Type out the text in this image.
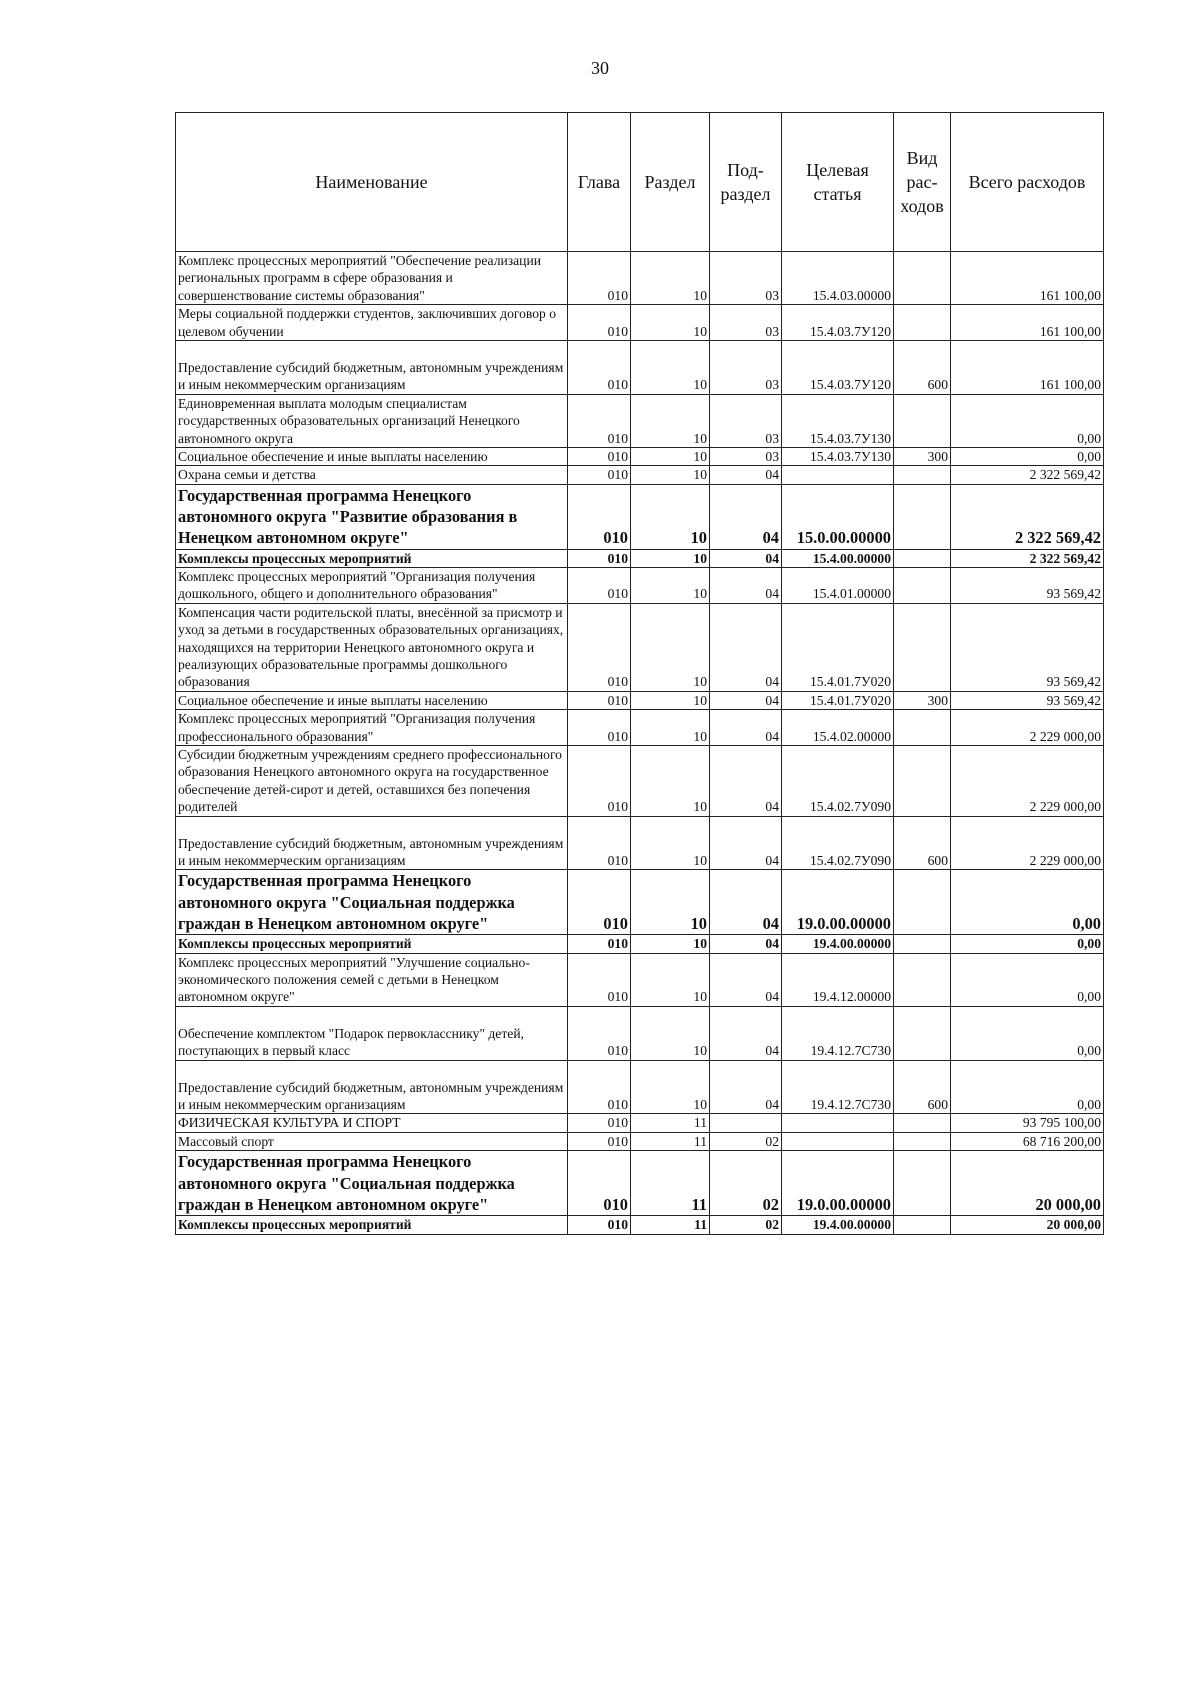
30
Наименование	Глава	Раздел	Под-раздел	Целевая статья	Вид рас-ходов	Всего расходов
Комплекс процессных мероприятий "Обеспечение реализации региональных программ в сфере образования и совершенствование системы образования"	010	10	03	15.4.03.00000		161 100,00
Меры социальной поддержки студентов, заключивших договор о целевом обучении	010	10	03	15.4.03.7У120		161 100,00
Предоставление субсидий бюджетным, автономным учреждениям и иным некоммерческим организациям	010	10	03	15.4.03.7У120	600	161 100,00
Единовременная выплата молодым специалистам государственных образовательных организаций Ненецкого автономного округа	010	10	03	15.4.03.7У130		0,00
Социальное обеспечение и иные выплаты населению	010	10	03	15.4.03.7У130	300	0,00
Охрана семьи и детства	010	10	04			2 322 569,42
Государственная программа Ненецкого автономного округа "Развитие образования в Ненецком автономном округе"	010	10	04	15.0.00.00000		2 322 569,42
Комплексы процессных мероприятий	010	10	04	15.4.00.00000		2 322 569,42
Комплекс процессных мероприятий "Организация получения дошкольного, общего и дополнительного образования"	010	10	04	15.4.01.00000		93 569,42
Компенсация части родительской платы, внесённой за присмотр и уход за детьми в государственных образовательных организациях, находящихся на территории Ненецкого автономного округа и реализующих образовательные программы дошкольного образования	010	10	04	15.4.01.7У020		93 569,42
Социальное обеспечение и иные выплаты населению	010	10	04	15.4.01.7У020	300	93 569,42
Комплекс процессных мероприятий "Организация получения профессионального образования"	010	10	04	15.4.02.00000		2 229 000,00
Субсидии бюджетным учреждениям среднего профессионального образования Ненецкого автономного округа на государственное обеспечение детей-сирот и детей, оставшихся без попечения родителей	010	10	04	15.4.02.7У090		2 229 000,00
Предоставление субсидий бюджетным, автономным учреждениям и иным некоммерческим организациям	010	10	04	15.4.02.7У090	600	2 229 000,00
Государственная программа Ненецкого автономного округа "Социальная поддержка граждан в Ненецком автономном округе"	010	10	04	19.0.00.00000		0,00
Комплексы процессных мероприятий	010	10	04	19.4.00.00000		0,00
Комплекс процессных мероприятий "Улучшение социально-экономического положения семей с детьми в Ненецком автономном округе"	010	10	04	19.4.12.00000		0,00
Обеспечение комплектом "Подарок первокласснику" детей, поступающих в первый класс	010	10	04	19.4.12.7С730		0,00
Предоставление субсидий бюджетным, автономным учреждениям и иным некоммерческим организациям	010	10	04	19.4.12.7С730	600	0,00
ФИЗИЧЕСКАЯ КУЛЬТУРА И СПОРТ	010	11				93 795 100,00
Массовый спорт	010	11	02			68 716 200,00
Государственная программа Ненецкого автономного округа "Социальная поддержка граждан в Ненецком автономном округе"	010	11	02	19.0.00.00000		20 000,00
Комплексы процессных мероприятий	010	11	02	19.4.00.00000		20 000,00
